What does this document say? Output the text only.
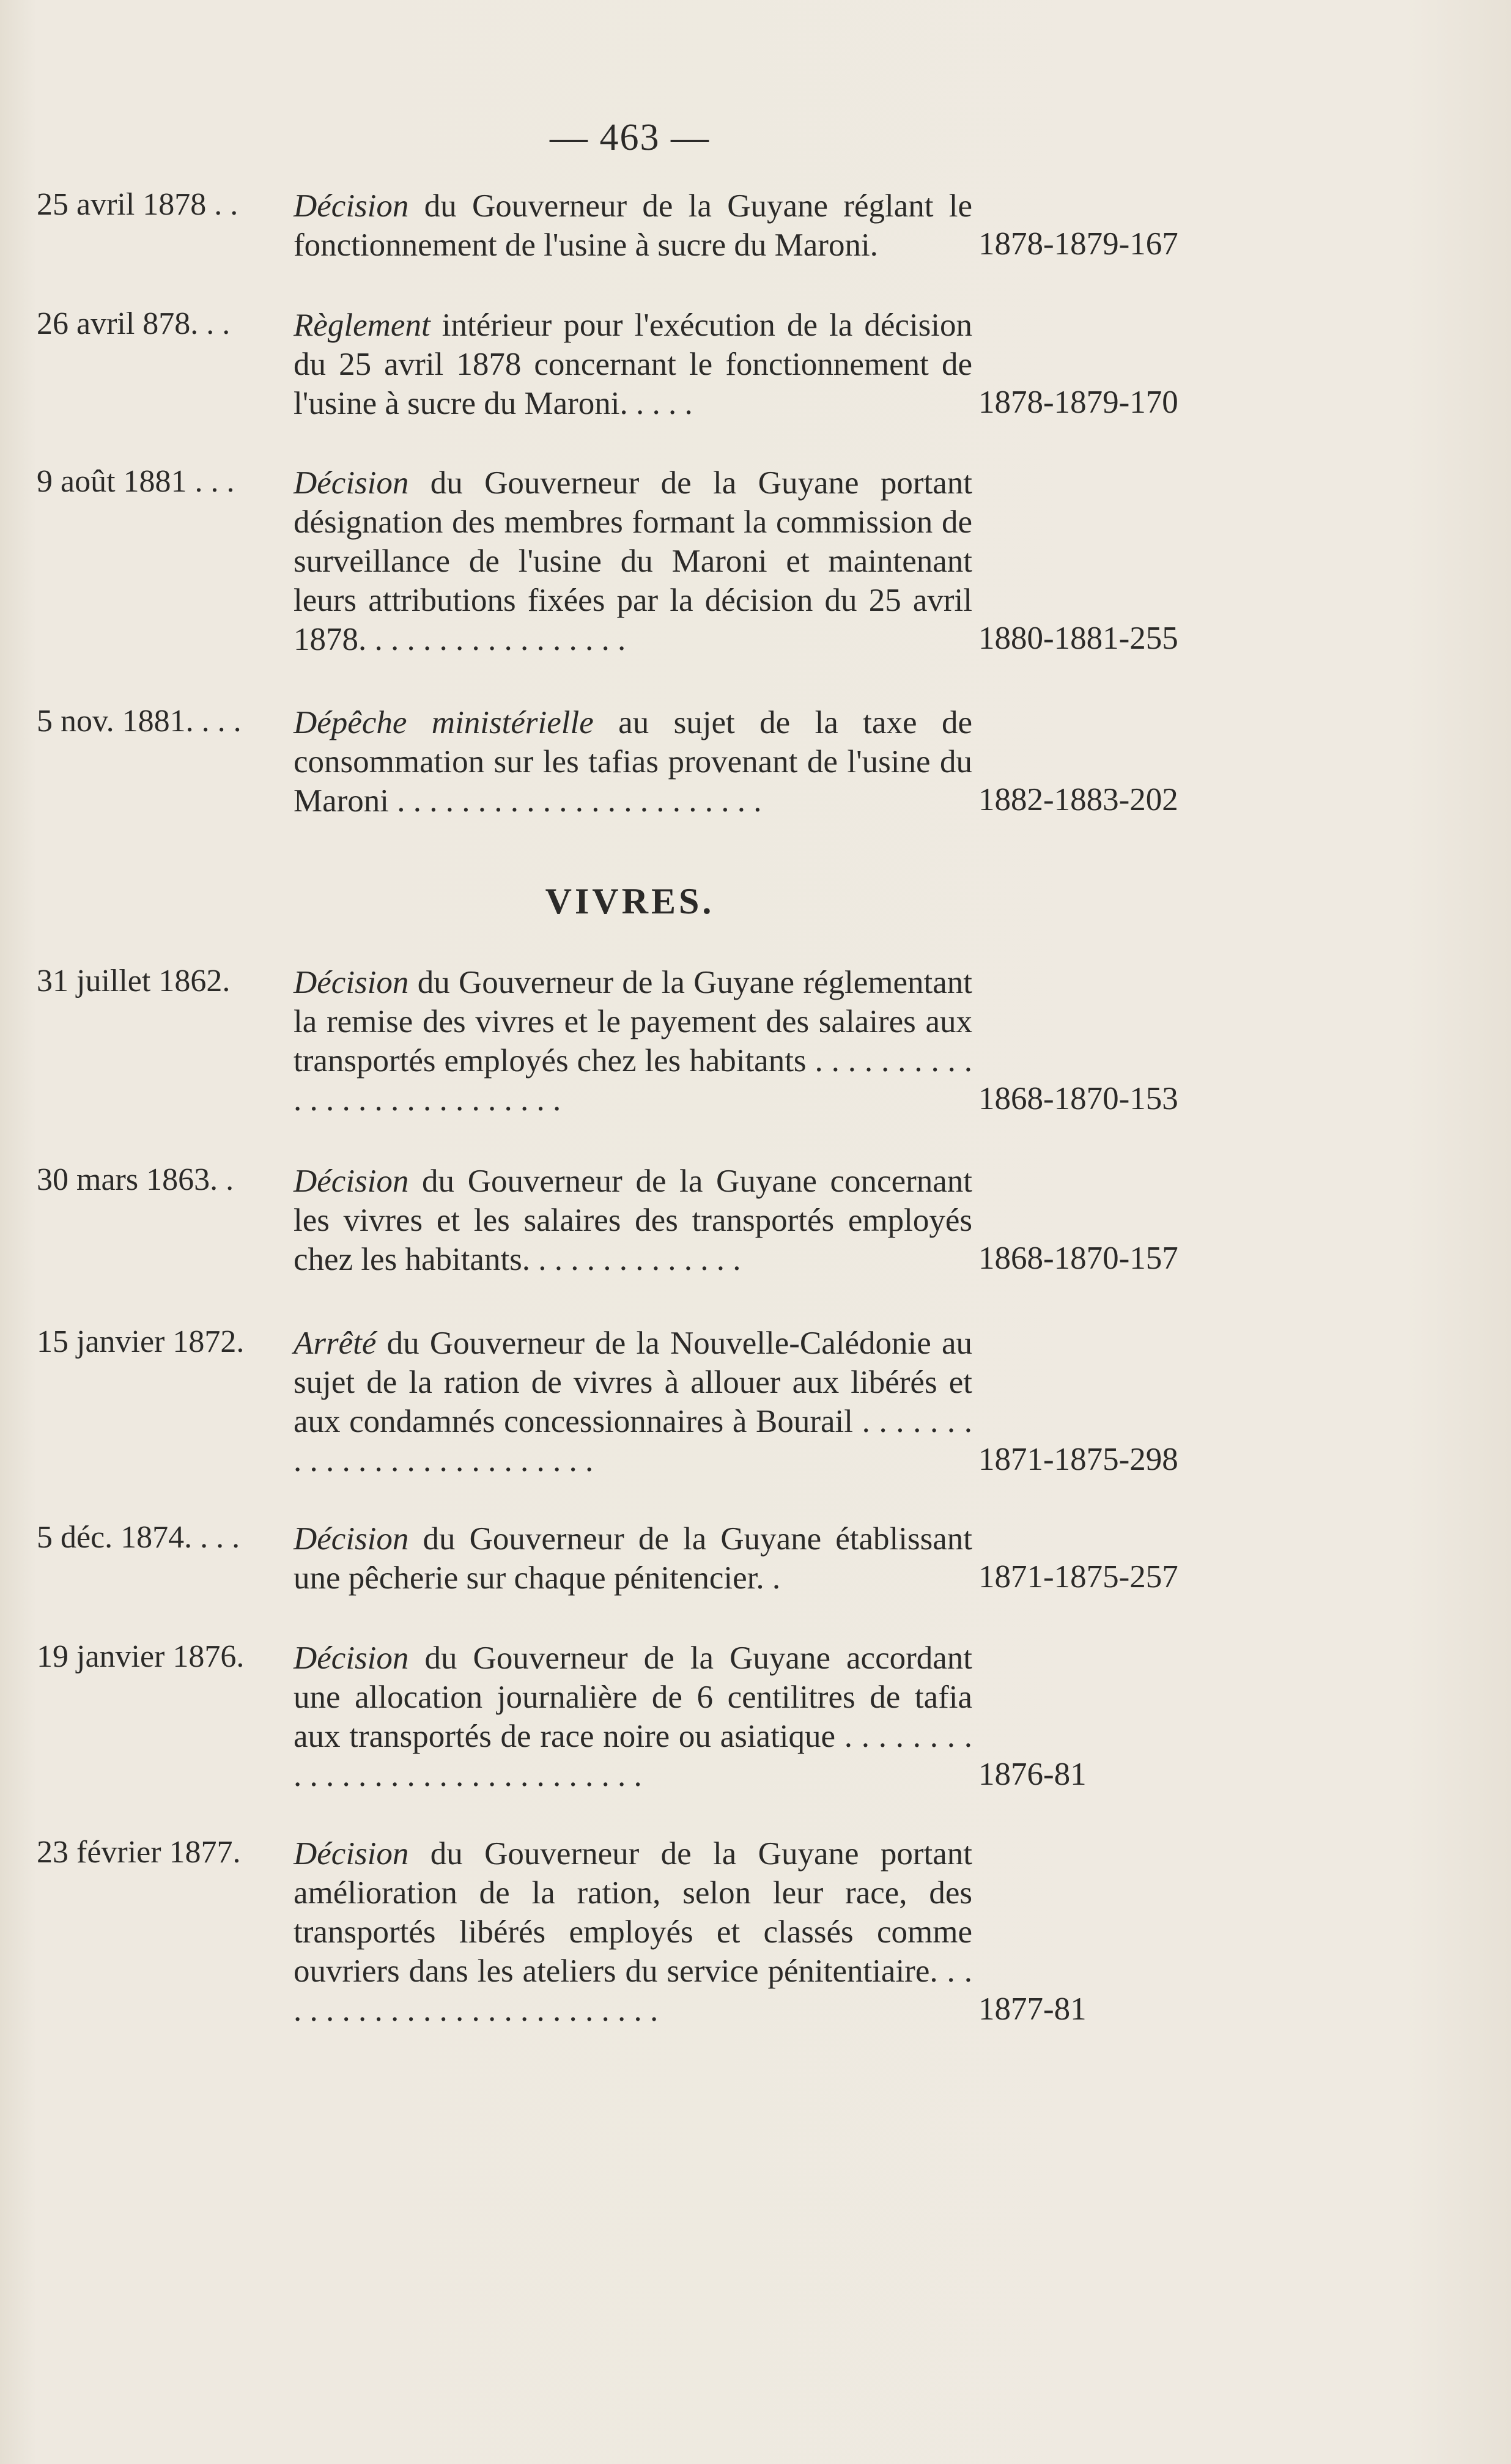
— 463 —
25 avril 1878 . .	Décision du Gouverneur de la Guyane réglant le fonctionnement de l'usine à sucre du Maroni.	1878-1879-167
26 avril 878. . .	Règlement intérieur pour l'exécution de la décision du 25 avril 1878 concernant le fonctionnement de l'usine à sucre du Maroni. . . . .	1878-1879-170
9 août 1881 . . .	Décision du Gouverneur de la Guyane portant désignation des membres formant la commission de surveillance de l'usine du Maroni et maintenant leurs attributions fixées par la décision du 25 avril 1878. . . . . . . . . . . . . . . . .	1880-1881-255
5 nov. 1881. . . .	Dépêche ministérielle au sujet de la taxe de consommation sur les tafias provenant de l'usine du Maroni . . . . . . . . . . . . . . . . . . . . . . .	1882-1883-202
VIVRES.
31 juillet 1862.	Décision du Gouverneur de la Guyane réglementant la remise des vivres et le payement des salaires aux transportés employés chez les habitants . . . . . . . . . . . . . . . . . . . . . . . . . . .	1868-1870-153
30 mars 1863. .	Décision du Gouverneur de la Guyane concernant les vivres et les salaires des transportés employés chez les habitants. . . . . . . . . . . . . .	1868-1870-157
15 janvier 1872.	Arrêté du Gouverneur de la Nouvelle-Calédonie au sujet de la ration de vivres à allouer aux libérés et aux condamnés concessionnaires à Bourail . . . . . . . . . . . . . . . . . . . . . . . . . .	1871-1875-298
5 déc. 1874. . . .	Décision du Gouverneur de la Guyane établissant une pêcherie sur chaque pénitencier. .	1871-1875-257
19 janvier 1876.	Décision du Gouverneur de la Guyane accordant une allocation journalière de 6 centilitres de tafia aux transportés de race noire ou asiatique . . . . . . . . . . . . . . . . . . . . . . . . . . . . . .	1876-81
23 février 1877.	Décision du Gouverneur de la Guyane portant amélioration de la ration, selon leur race, des transportés libérés employés et classés comme ouvriers dans les ateliers du service pénitentiaire. . . . . . . . . . . . . . . . . . . . . . . . . .	1877-81
